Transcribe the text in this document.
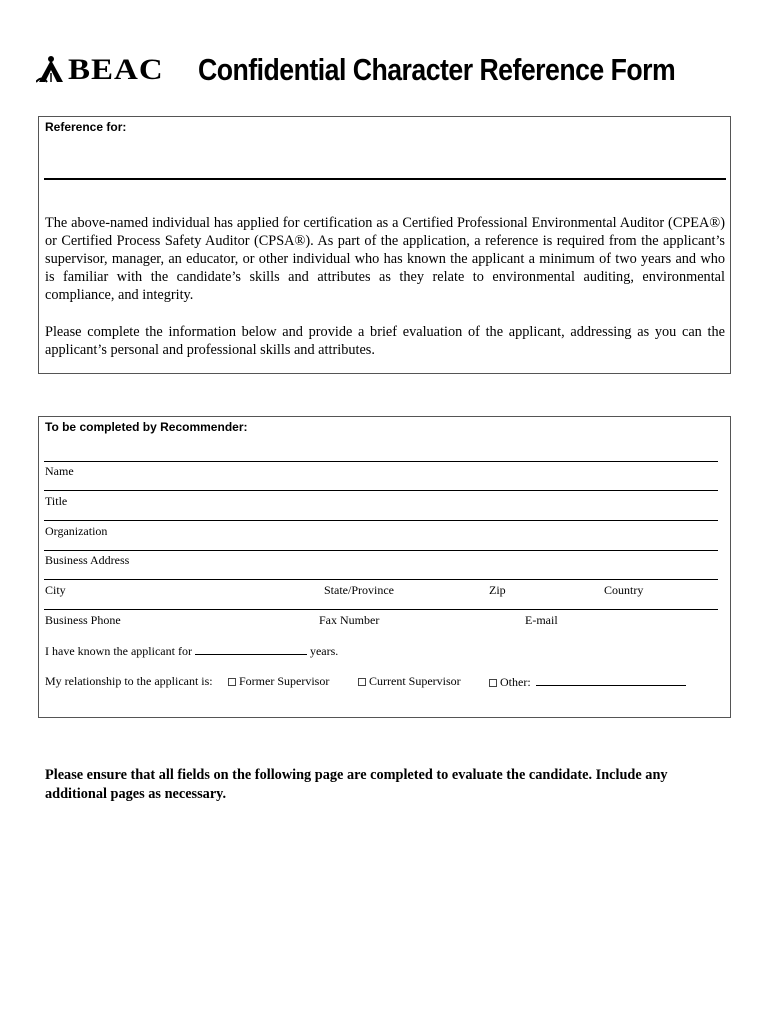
BEAC Confidential Character Reference Form
Reference for:

The above-named individual has applied for certification as a Certified Professional Environmental Auditor (CPEA®) or Certified Process Safety Auditor (CPSA®). As part of the application, a reference is required from the applicant’s supervisor, manager, an educator, or other individual who has known the applicant a minimum of two years and who is familiar with the candidate’s skills and attributes as they relate to environmental auditing, environmental compliance, and integrity.

Please complete the information below and provide a brief evaluation of the applicant, addressing as you can the applicant’s personal and professional skills and attributes.

To be completed by Recommender:
Name
Title
Organization
Business Address
City	State/Province	Zip	Country
Business Phone	Fax Number	E-mail
I have known the applicant for	years.
My relationship to the applicant is:	Former Supervisor	Current Supervisor	Other:

Please ensure that all fields on the following page are completed to evaluate the candidate. Include any additional pages as necessary.
